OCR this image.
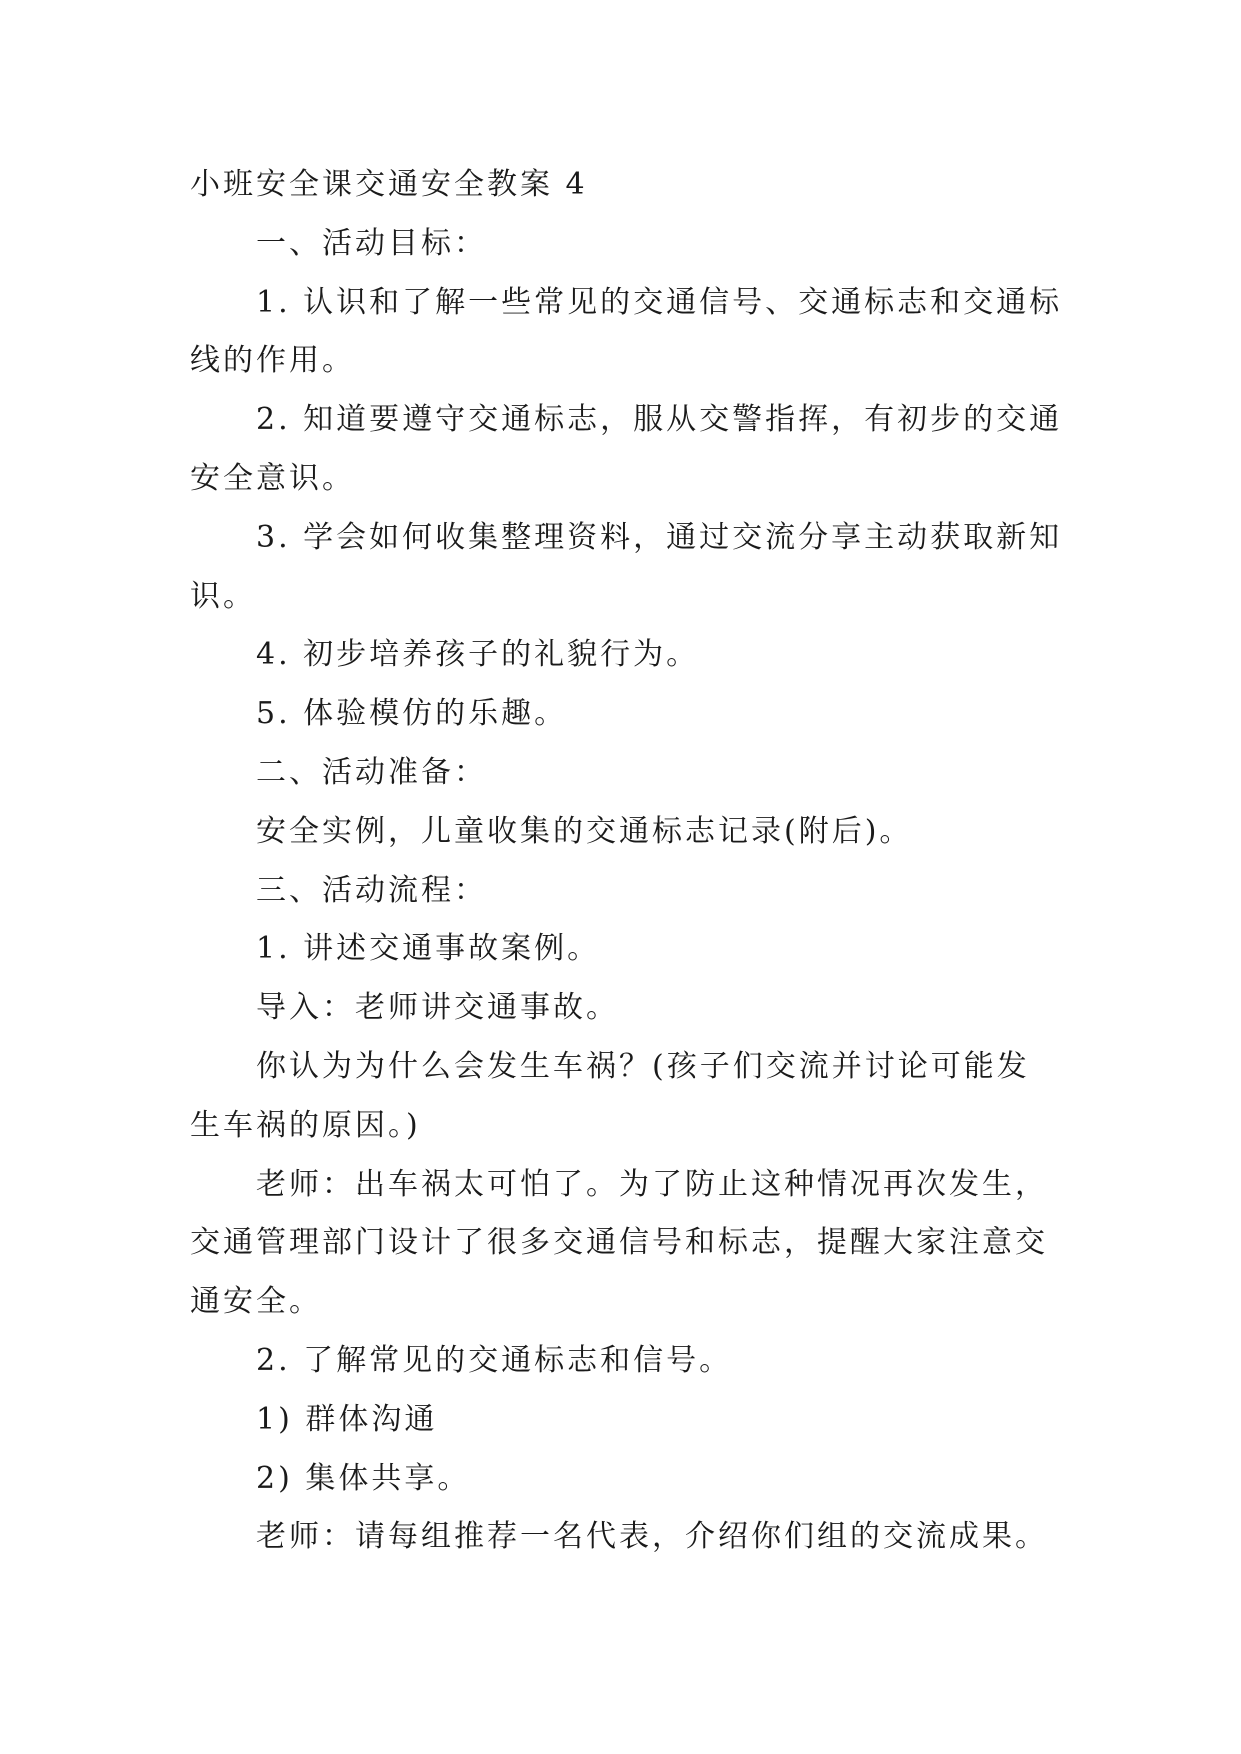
小班安全课交通安全教案 4

一、活动目标：

1. 认识和了解一些常见的交通信号、交通标志和交通标

线的作用。

2. 知道要遵守交通标志，服从交警指挥，有初步的交通

安全意识。

3. 学会如何收集整理资料，通过交流分享主动获取新知

识。

4. 初步培养孩子的礼貌行为。

5. 体验模仿的乐趣。

二、活动准备：

安全实例，儿童收集的交通标志记录(附后)。

三、活动流程：

1. 讲述交通事故案例。

导入：老师讲交通事故。

你认为为什么会发生车祸？(孩子们交流并讨论可能发

生车祸的原因。)

老师：出车祸太可怕了。为了防止这种情况再次发生，

交通管理部门设计了很多交通信号和标志，提醒大家注意交

通安全。

2. 了解常见的交通标志和信号。

1) 群体沟通

2) 集体共享。

老师：请每组推荐一名代表，介绍你们组的交流成果。
